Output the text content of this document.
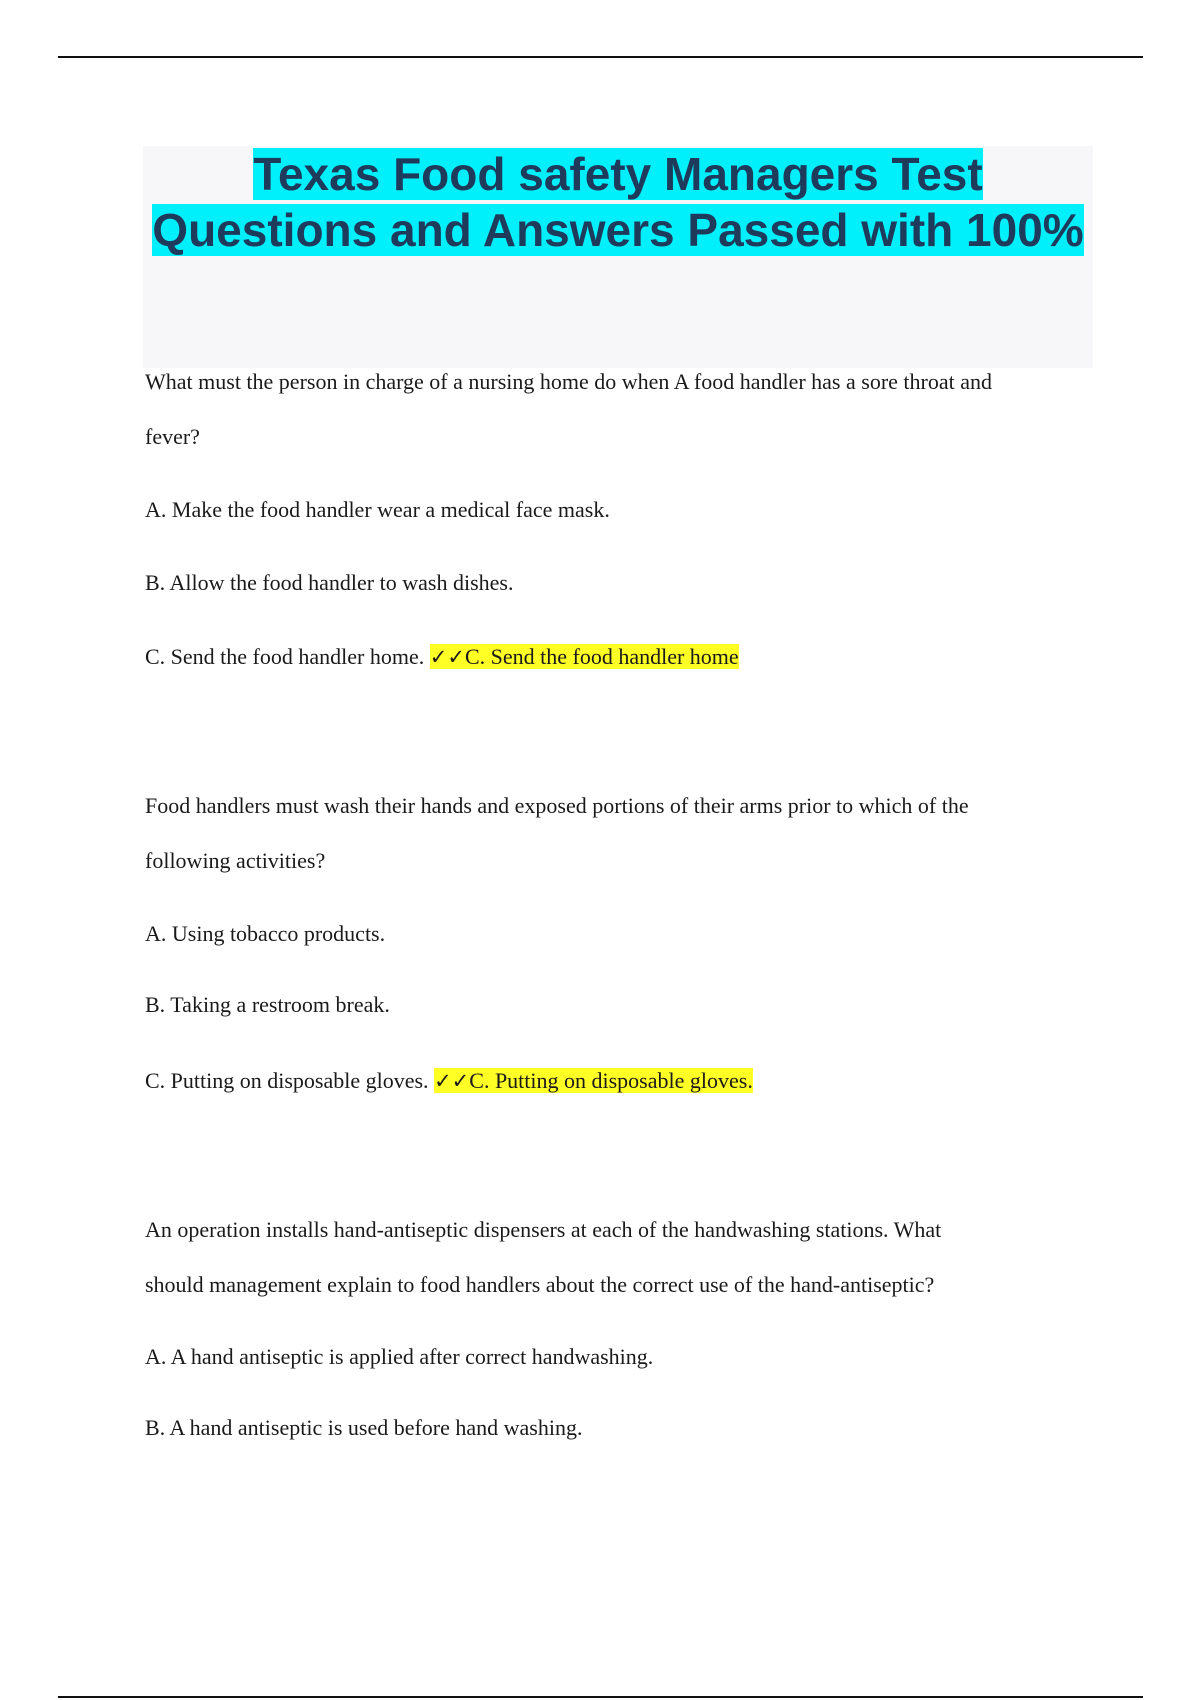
Texas Food safety Managers Test Questions and Answers Passed with 100%

What must the person in charge of a nursing home do when A food handler has a sore throat and

fever?

A. Make the food handler wear a medical face mask.

B. Allow the food handler to wash dishes.

C. Send the food handler home. ✓✓C. Send the food handler home

Food handlers must wash their hands and exposed portions of their arms prior to which of the

following activities?

A. Using tobacco products.

B. Taking a restroom break.

C. Putting on disposable gloves. ✓✓C. Putting on disposable gloves.

An operation installs hand-antiseptic dispensers at each of the handwashing stations. What

should management explain to food handlers about the correct use of the hand-antiseptic?

A. A hand antiseptic is applied after correct handwashing.

B. A hand antiseptic is used before hand washing.
